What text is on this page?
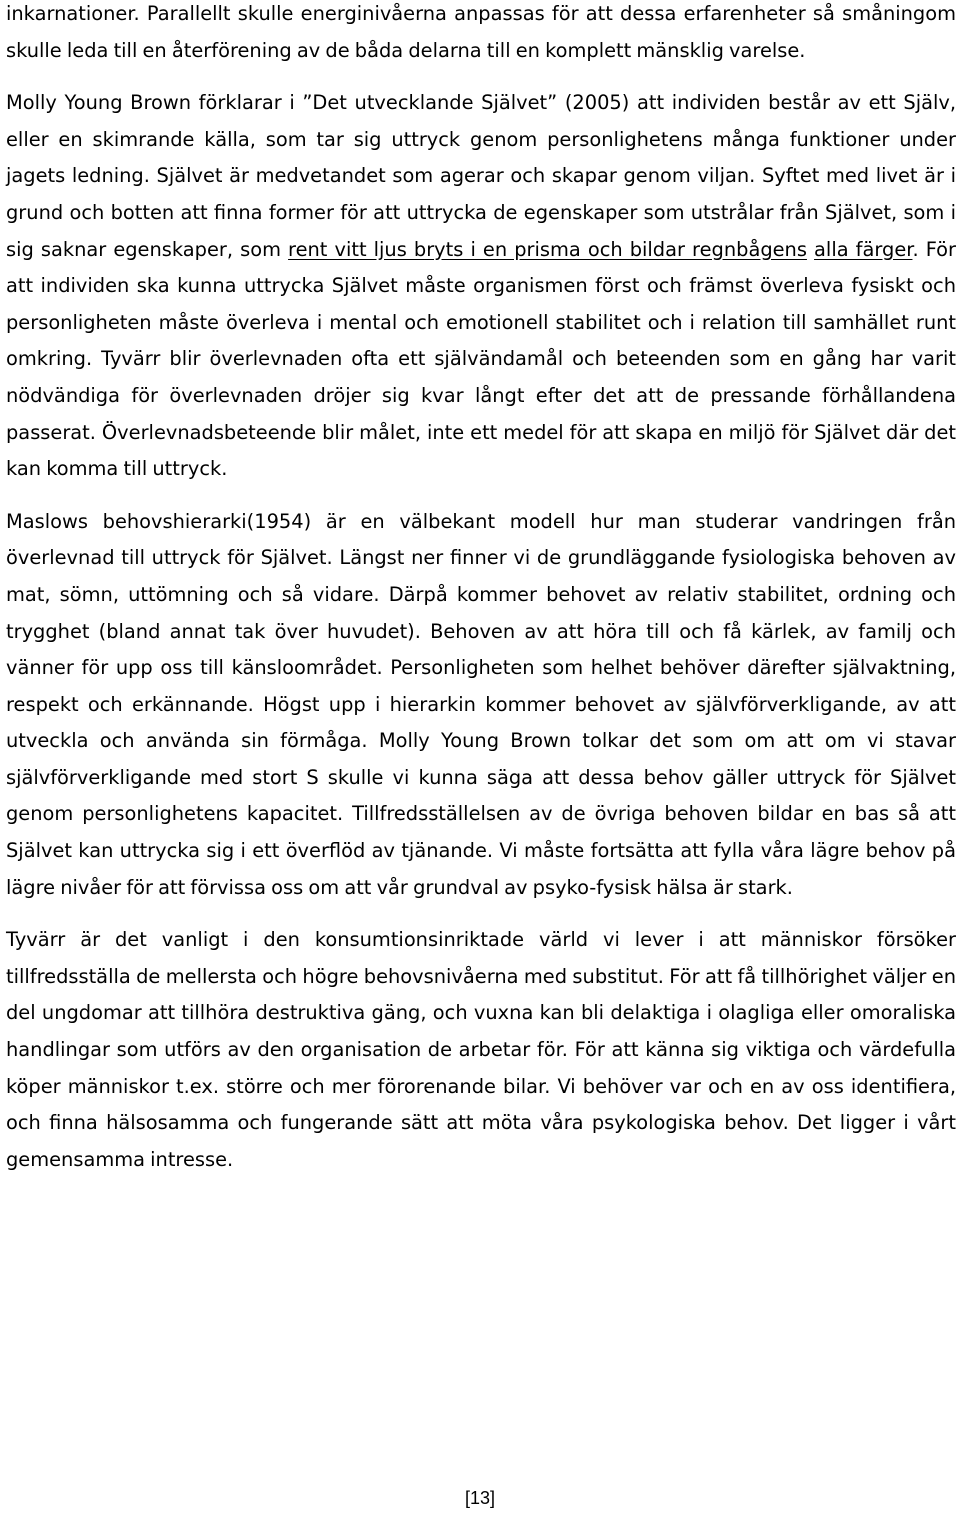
inkarnationer. Parallellt skulle energinivåerna anpassas för att dessa erfarenheter så småningom skulle leda till en återförening av de båda delarna till en komplett mänsklig varelse.

Molly Young Brown förklarar i ”Det utvecklande Självet” (2005) att individen består av ett Själv, eller en skimrande källa, som tar sig uttryck genom personlighetens många funktioner under jagets ledning. Självet är medvetandet som agerar och skapar genom viljan. Syftet med livet är i grund och botten att finna former för att uttrycka de egenskaper som utstrålar från Självet, som i sig saknar egenskaper, som rent vitt ljus bryts i en prisma och bildar regnbågens alla färger. För att individen ska kunna uttrycka Självet måste organismen först och främst överleva fysiskt och personligheten måste överleva i mental och emotionell stabilitet och i relation till samhället runt omkring. Tyvärr blir överlevnaden ofta ett självändamål och beteenden som en gång har varit nödvändiga för överlevnaden dröjer sig kvar långt efter det att de pressande förhållandena passerat. Överlevnadsbeteende blir målet, inte ett medel för att skapa en miljö för Självet där det kan komma till uttryck.

Maslows behovshierarki(1954) är en välbekant modell hur man studerar vandringen från överlevnad till uttryck för Självet. Längst ner finner vi de grundläggande fysiologiska behoven av mat, sömn, uttömning och så vidare. Därpå kommer behovet av relativ stabilitet, ordning och trygghet (bland annat tak över huvudet). Behoven av att höra till och få kärlek, av familj och vänner för upp oss till känsloområdet. Personligheten som helhet behöver därefter självaktning, respekt och erkännande. Högst upp i hierarkin kommer behovet av självförverkligande, av att utveckla och använda sin förmåga. Molly Young Brown tolkar det som om att om vi stavar självförverkligande med stort S skulle vi kunna säga att dessa behov gäller uttryck för Självet genom personlighetens kapacitet. Tillfredsställelsen av de övriga behoven bildar en bas så att Självet kan uttrycka sig i ett överflöd av tjänande. Vi måste fortsätta att fylla våra lägre behov på lägre nivåer för att förvissa oss om att vår grundval av psyko-fysisk hälsa är stark.

Tyvärr är det vanligt i den konsumtionsinriktade värld vi lever i att människor försöker tillfredsställa de mellersta och högre behovsnivåerna med substitut. För att få tillhörighet väljer en del ungdomar att tillhöra destruktiva gäng, och vuxna kan bli delaktiga i olagliga eller omoraliska handlingar som utförs av den organisation de arbetar för. För att känna sig viktiga och värdefulla köper människor t.ex. större och mer förorenande bilar. Vi behöver var och en av oss identifiera, och finna hälsosamma och fungerande sätt att möta våra psykologiska behov. Det ligger i vårt gemensamma intresse.

[13]
